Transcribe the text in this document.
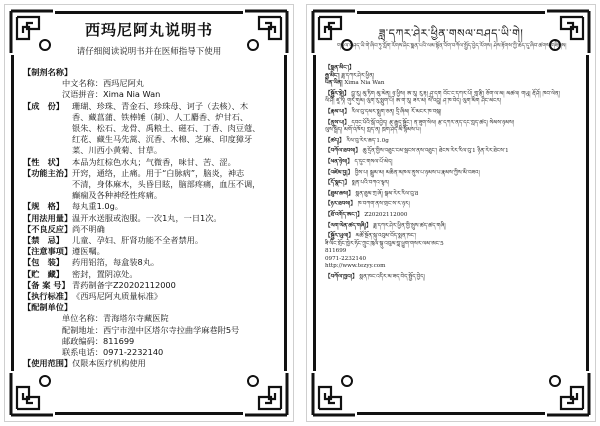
西玛尼阿丸说明书
请仔细阅读说明书并在医师指导下使用
【制剂名称】
中文名称： 西玛尼阿丸
汉语拼音： Xima Nia Wan
【成　份】 珊瑚、珍珠、青金石、珍珠母、诃子（去核）、木
香、藏菖蒲、铁棒锤（制）、人工麝香、炉甘石、
银朱、松石、龙骨、禹粮土、磁石、丁香、肉豆蔻、
红花、藏生马先蒿、沉香、木棉、芝麻、印度獐牙
菜、川西小黄菊、甘草。
【性　状】 本品为红棕色水丸；气微香，味甘、苦、涩。
【功能主治】 开窍，通络，止痛。用于“白脉病”，脑炎，神志
不清，身体麻木，头昏目眩，脑部疼痛，血压不调，
癫痫及各种神经性疼痛。
【规　格】 每丸重1.0g。
【用法用量】 温开水送服或泡服。一次1丸，一日1次。
【不良反应】 尚不明确
【禁　忌】 儿童、孕妇、肝肾功能不全者禁用。
【注意事项】 遵医嘱。
【包　装】 药用铝箔，每盒装8丸。
【贮　藏】 密封，置阴凉处。
【备 案 号】 青药制备字Z20202112000
【执行标准】 《西玛尼阿丸质量标准》
【配制单位】
单位名称： 青海塔尔寺藏医院
配制地址： 西宁市湟中区塔尔寺拉曲学麻巷附5号
邮政编码： 811699
联系电话： 0971-2232140
【使用范围】 仅限本医疗机构使用
ཟླ་དཀར་ཤེར་ཕྱིན་གསལ་བཤད་ཡི་གེ།
གསལ་བཤད་ཡི་གེ་ཞིབ་ཏུ་ཀློག་རོགས་ཤིང་སྨན་པའི་ལམ་སྟོན་འོག་བཀོལ་སྤྱོད་བྱེད་རོགས། ཤེས་རྟོགས་ཀྱི་ཆེད་དུ་ཞིབ་ཚགས་གཟིགས།
【སྨན་མིང་།】
རྒྱ་མིང་། ཟླ་དཀར་ཤེར་ཕྱིན།
པིན་ཡིན། Xima Nia Wan
【སྦྱོར་སྡེ།】 བྱུ་རུ། མུ་ཏིག མུ་མེན། ཉ་ཕྱིས། ཨ་རུ། རུ་རྟ། ཤུ་དག བོང་ང་དཀར་པོ། གླ་རྩི། ཅོག་ལ་མ། མཚལ། གཡུ། རྡོ་ཤོ། ཁབ་ལེན།
ལི་ཤི། ཛཱ་ཏི། གུར་གུམ། ལུག་རུ་སྨུག་པོ། ཨ་ག་རུ། ཟར་མ། སེ་འབྲུ། ཤ་ཁ་བེད། ལུག་མིག ཤིང་མངར།
【རྣམ་པ།】 རིལ་བུ་དམར་སྨུག་ཅན། དྲི་ཞིམ། རོ་མངར་ཁ་བསྐ།
【ནུས་པ།】 དབང་པོའི་སྒོ་འབྱེད། རྩ་རྒྱུད་སྦྱོང་། ན་ཟུག་སེལ། རྩ་དཀར་ནད་དང་ཀླད་ཚད། སེམས་ཉམས།
ལུས་སྦྲིད། མགོ་འཁོར། ཀླད་ན། ཁྲག་ཤེད་མི་སྙོམས་པ།
【ཚད།】 རིལ་བུ་རེར་ཆད་1.0g
【བཀོལ་ཐབས།】 ཆུ་དྲོན་གྱིས་འཐུང་ངམ་སྦངས་ནས་འཐུང་། ཐེངས་རེར་རིལ་བུ་1 ཉིན་རེར་ཐེངས་1
【ཕན་ཉེས།】 ད་དུང་གསལ་པོ་མེད།
【འཛེམ་བྱ།】 བྱིས་པ། སྦྲུམ་མ། མཆིན་མཁལ་ནུས་པ་ཉམས་པ་རྣམས་ཀྱིས་མི་བཟའ།
【དོ་སྣང་།】 སྨན་པའི་བཀའ་ལྟར།
【ཐུམ་ཆས།】 སྨན་ཐུམ་ཀྲ་ཞོ། སྒམ་རེར་རིལ་བུ་8
【ཉར་ཐབས།】 ཁ་བཀག་ནས་གྲང་ས་ར་ཉར།
【ཐོ་འགོད་ཨང་།】 Z20202112000
【ལག་ལེན་ཚད་གཞི།】 ཟླ་དཀར་ཤེར་ཕྱིན་གྱི་སྤུས་ཚད་ཚད་གཞི།
【སྦྱོར་ཡུལ།】 མཚོ་སྔོན་སྐུ་འབུམ་བོད་སྨན་ཁང་།
ཟི་ལིང་གྲོང་ཁྱེར་ཧོང་ཀྲུང་ཁུལ་སྐུ་འབུམ་བླ་ཕྱུག་གསར་ལམ་ཨང་5
811699
0971-2232140
http://www.tezyy.com
【བཀོལ་ཁྱབ།】 སྨན་ཁང་འདིར་མ་ཟད་བེད་སྤྱོད་བྱེད།
